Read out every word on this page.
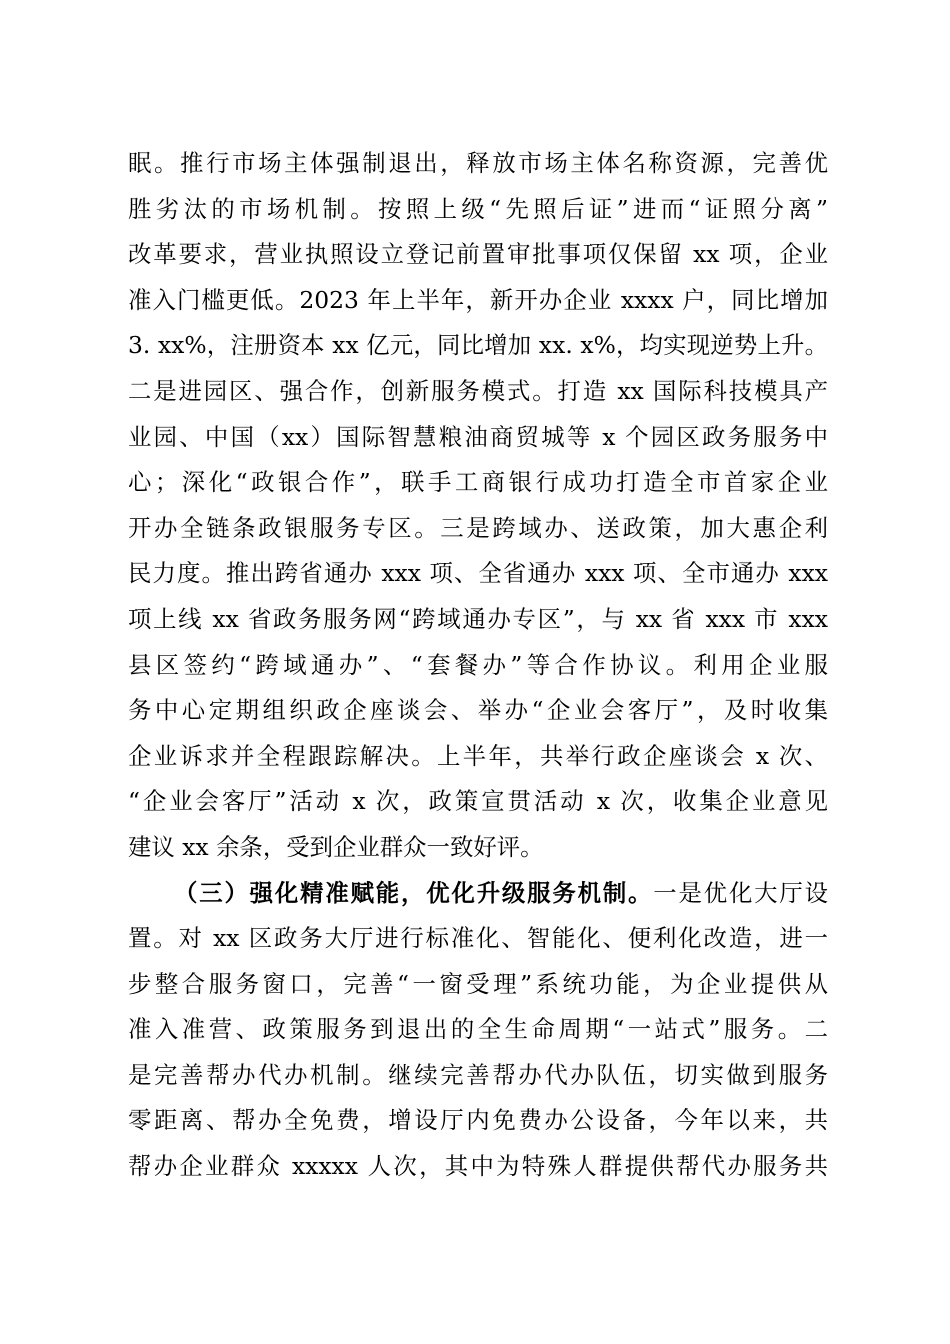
眠。推行市场主体强制退出，释放市场主体名称资源，完善优
胜劣汰的市场机制。按照上级“先照后证”进而“证照分离”
改革要求，营业执照设立登记前置审批事项仅保留 xx 项，企业
准入门槛更低。2023 年上半年，新开办企业 xxxx 户，同比增加
3. xx%，注册资本 xx 亿元，同比增加 xx. x%，均实现逆势上升。
二是进园区、强合作，创新服务模式。打造 xx 国际科技模具产
业园、中国（xx）国际智慧粮油商贸城等 x 个园区政务服务中
心；深化“政银合作”，联手工商银行成功打造全市首家企业
开办全链条政银服务专区。三是跨域办、送政策，加大惠企利
民力度。推出跨省通办 xxx 项、全省通办 xxx 项、全市通办 xxx
项上线 xx 省政务服务网“跨域通办专区”，与 xx 省 xxx 市 xxx
县区签约“跨域通办”、“套餐办”等合作协议。利用企业服
务中心定期组织政企座谈会、举办“企业会客厅”，及时收集
企业诉求并全程跟踪解决。上半年，共举行政企座谈会 x 次、
“企业会客厅”活动 x 次，政策宣贯活动 x 次，收集企业意见
建议 xx 余条，受到企业群众一致好评。
（三）强化精准赋能，优化升级服务机制。一是优化大厅设
置。对 xx 区政务大厅进行标准化、智能化、便利化改造，进一
步整合服务窗口，完善“一窗受理”系统功能，为企业提供从
准入准营、政策服务到退出的全生命周期“一站式”服务。二
是完善帮办代办机制。继续完善帮办代办队伍，切实做到服务
零距离、帮办全免费，增设厅内免费办公设备，今年以来，共
帮办企业群众 xxxxx 人次，其中为特殊人群提供帮代办服务共
